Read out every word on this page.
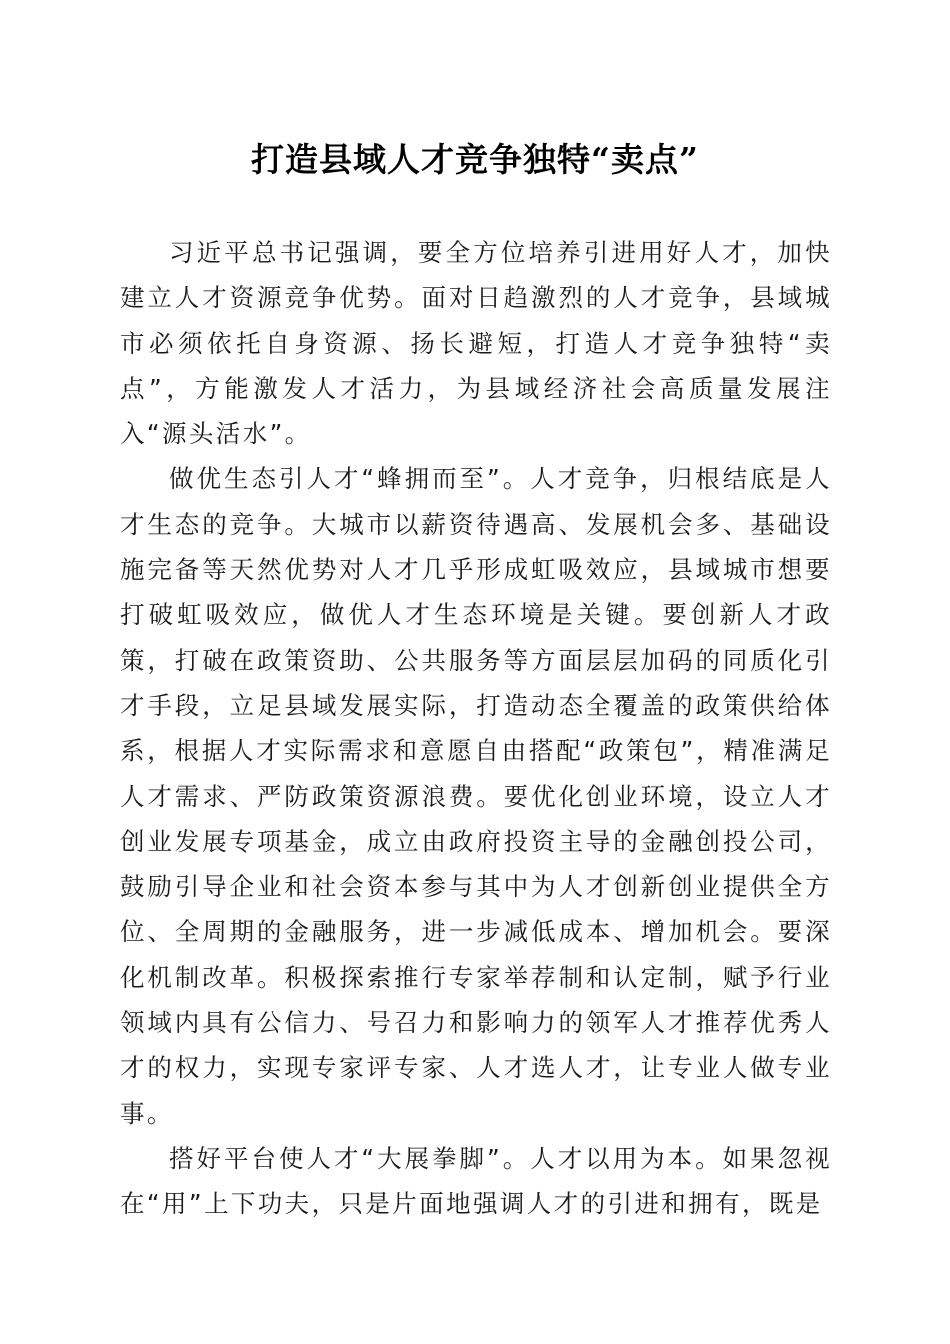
打造县域人才竞争独特“卖点”

习近平总书记强调，要全方位培养引进用好人才，加快建立人才资源竞争优势。面对日趋激烈的人才竞争，县域城市必须依托自身资源、扬长避短，打造人才竞争独特“卖点”，方能激发人才活力，为县域经济社会高质量发展注入“源头活水”。

做优生态引人才“蜂拥而至”。人才竞争，归根结底是人才生态的竞争。大城市以薪资待遇高、发展机会多、基础设施完备等天然优势对人才几乎形成虹吸效应，县域城市想要打破虹吸效应，做优人才生态环境是关键。要创新人才政策，打破在政策资助、公共服务等方面层层加码的同质化引才手段，立足县域发展实际，打造动态全覆盖的政策供给体系，根据人才实际需求和意愿自由搭配“政策包”，精准满足人才需求、严防政策资源浪费。要优化创业环境，设立人才创业发展专项基金，成立由政府投资主导的金融创投公司，鼓励引导企业和社会资本参与其中为人才创新创业提供全方位、全周期的金融服务，进一步减低成本、增加机会。要深化机制改革。积极探索推行专家举荐制和认定制，赋予行业领域内具有公信力、号召力和影响力的领军人才推荐优秀人才的权力，实现专家评专家、人才选人才，让专业人做专业事。

搭好平台使人才“大展拳脚”。人才以用为本。如果忽视在“用”上下功夫，只是片面地强调人才的引进和拥有，既是
